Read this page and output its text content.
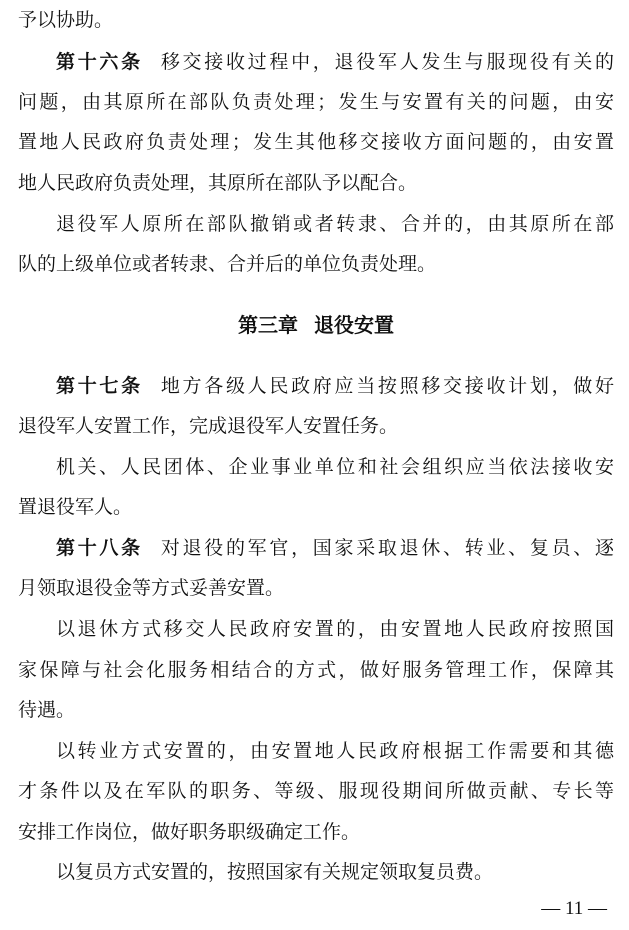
予以协助。
第十六条 移交接收过程中，退役军人发生与服现役有关的
问题，由其原所在部队负责处理；发生与安置有关的问题，由安
置地人民政府负责处理；发生其他移交接收方面问题的，由安置
地人民政府负责处理，其原所在部队予以配合。
退役军人原所在部队撤销或者转隶、合并的，由其原所在部
队的上级单位或者转隶、合并后的单位负责处理。
第三章 退役安置
第十七条 地方各级人民政府应当按照移交接收计划，做好
退役军人安置工作，完成退役军人安置任务。
机关、人民团体、企业事业单位和社会组织应当依法接收安
置退役军人。
第十八条 对退役的军官，国家采取退休、转业、复员、逐
月领取退役金等方式妥善安置。
以退休方式移交人民政府安置的，由安置地人民政府按照国
家保障与社会化服务相结合的方式，做好服务管理工作，保障其
待遇。
以转业方式安置的，由安置地人民政府根据工作需要和其德
才条件以及在军队的职务、等级、服现役期间所做贡献、专长等
安排工作岗位，做好职务职级确定工作。
以复员方式安置的，按照国家有关规定领取复员费。
— 11 —
